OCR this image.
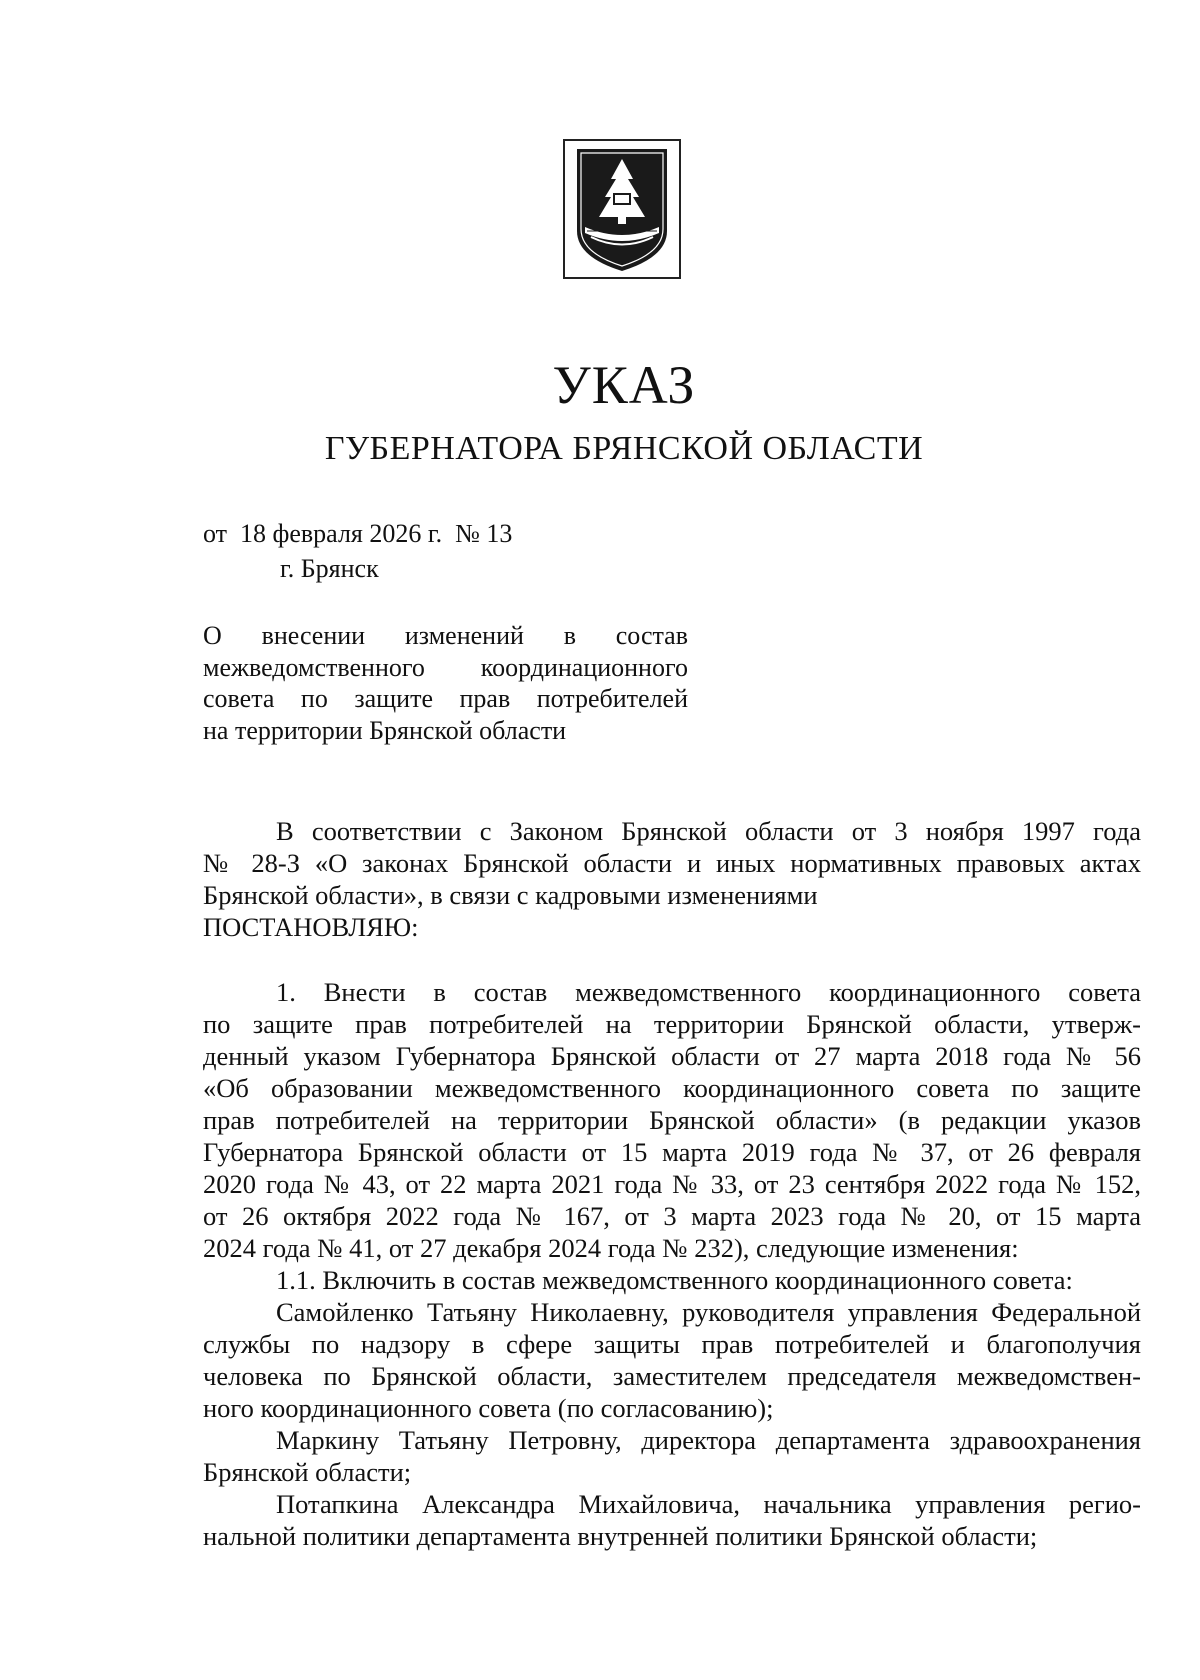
УКАЗ
ГУБЕРНАТОРА БРЯНСКОЙ ОБЛАСТИ
от  18 февраля 2026 г.  № 13
г. Брянск
О внесении изменений в состав
межведомственного координационного
совета по защите прав потребителей
на территории Брянской области
В соответствии с Законом Брянской области от 3 ноября 1997 года
№ 28-З «О законах Брянской области и иных нормативных правовых актах
Брянской области», в связи с кадровыми изменениями
ПОСТАНОВЛЯЮ:
1. Внести в состав межведомственного координационного совета
по защите прав потребителей на территории Брянской области, утверж-
денный указом Губернатора Брянской области от 27 марта 2018 года № 56
«Об образовании межведомственного координационного совета по защите
прав потребителей на территории Брянской области» (в редакции указов
Губернатора Брянской области от 15 марта 2019 года № 37, от 26 февраля
2020 года № 43, от 22 марта 2021 года № 33, от 23 сентября 2022 года № 152,
от 26 октября 2022 года № 167, от 3 марта 2023 года № 20, от 15 марта
2024 года № 41, от 27 декабря 2024 года № 232), следующие изменения:
1.1. Включить в состав межведомственного координационного совета:
Самойленко Татьяну Николаевну, руководителя управления Федеральной
службы по надзору в сфере защиты прав потребителей и благополучия
человека по Брянской области, заместителем председателя межведомствен-
ного координационного совета (по согласованию);
Маркину Татьяну Петровну, директора департамента здравоохранения
Брянской области;
Потапкина Александра Михайловича, начальника управления регио-
нальной политики департамента внутренней политики Брянской области;
